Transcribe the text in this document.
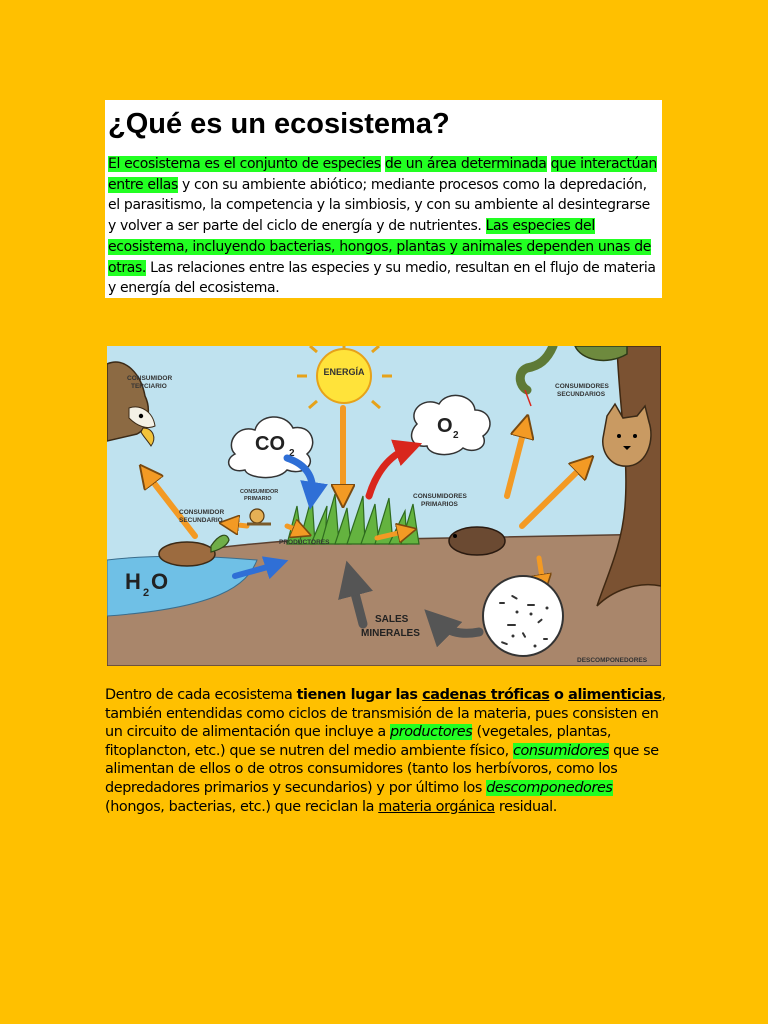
¿Qué es un ecosistema?

El ecosistema es el conjunto de especies de un área determinada que interactúan entre ellas y con su ambiente abiótico; mediante procesos como la depredación, el parasitismo, la competencia y la simbiosis, y con su ambiente al desintegrarse y volver a ser parte del ciclo de energía y de nutrientes. Las especies del ecosistema, incluyendo bacterias, hongos, plantas y animales dependen unas de otras. Las relaciones entre las especies y su medio, resultan en el flujo de materia y energía del ecosistema.

ENERGÍA
CO 2
O 2
CONSUMIDOR
TERCIARIO	CONSUMIDORES
SECUNDARIOS
CONSUMIDOR
SECUNDARIO
CONSUMIDOR
PRIMARIO	CONSUMIDORES
PRIMARIOS
PRODUCTORES
H 2 O
SALES
MINERALES
DESCOMPONEDORES
Dentro de cada ecosistema tienen lugar las cadenas tróficas o alimenticias, también entendidas como ciclos de transmisión de la materia, pues consisten en un circuito de alimentación que incluye a productores (vegetales, plantas, fitoplancton, etc.) que se nutren del medio ambiente físico, consumidores que se alimentan de ellos o de otros consumidores (tanto los herbívoros, como los depredadores primarios y secundarios) y por último los descomponedores (hongos, bacterias, etc.) que reciclan la materia orgánica residual.
